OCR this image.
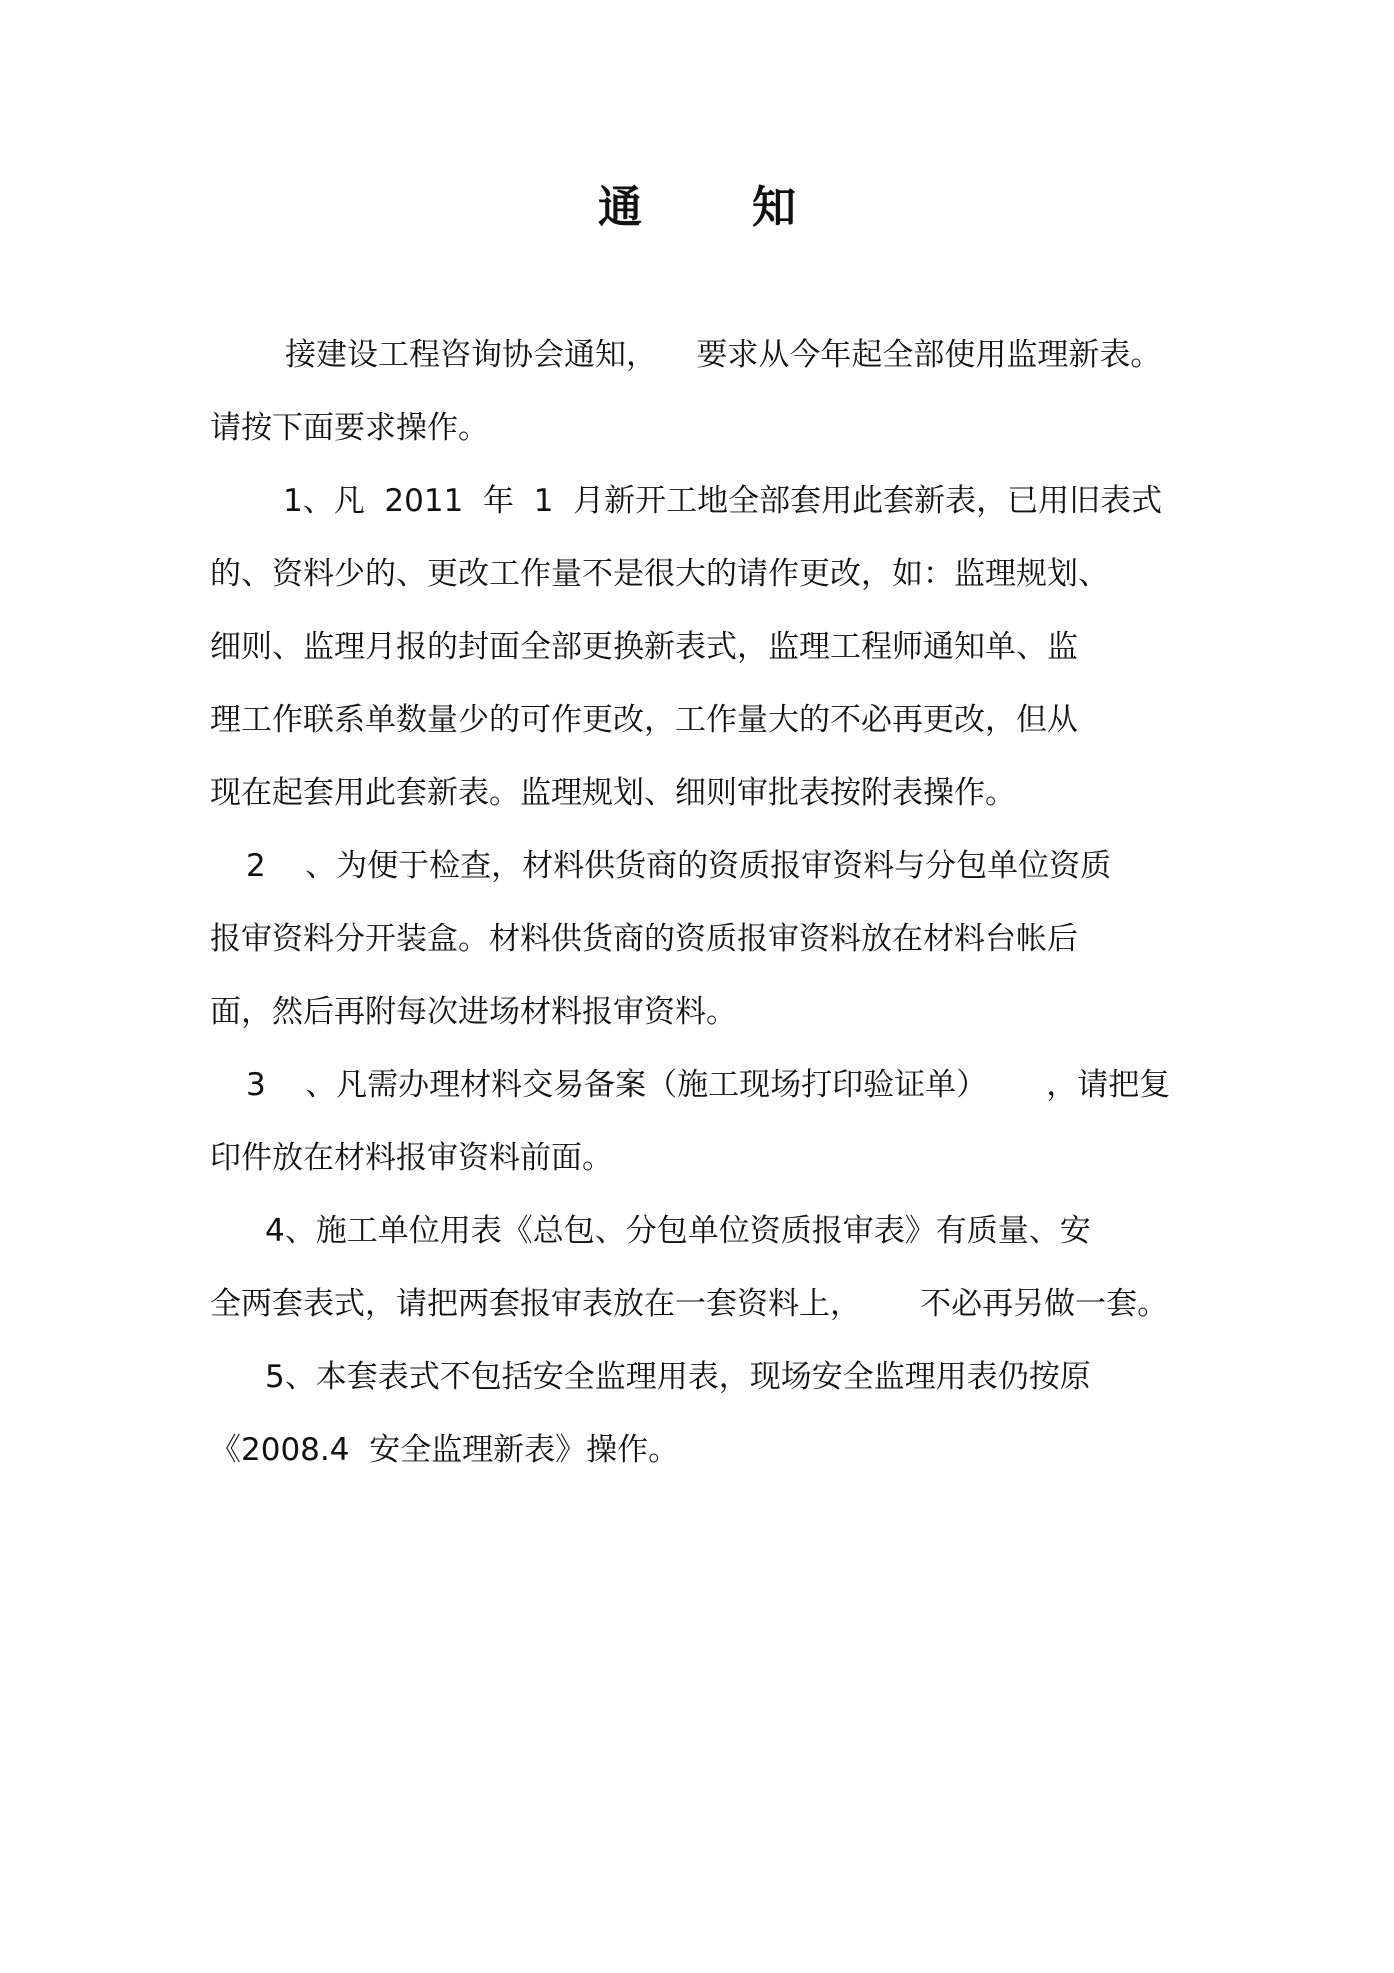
通	知
接建设工程咨询协会通知，    要求从今年起全部使用监理新表。
请按下面要求操作。
1、凡  2011  年  1  月新开工地全部套用此套新表，已用旧表式
的、资料少的、更改工作量不是很大的请作更改，如：监理规划、
细则、监理月报的封面全部更换新表式，监理工程师通知单、监
理工作联系单数量少的可作更改，工作量大的不必再更改，但从
现在起套用此套新表。监理规划、细则审批表按附表操作。
2    、为便于检查，材料供货商的资质报审资料与分包单位资质
报审资料分开装盒。材料供货商的资质报审资料放在材料台帐后
面，然后再附每次进场材料报审资料。
3    、凡需办理材料交易备案（施工现场打印验证单）      ，请把复
印件放在材料报审资料前面。
4、施工单位用表《总包、分包单位资质报审表》有质量、安
全两套表式，请把两套报审表放在一套资料上，      不必再另做一套。
5、本套表式不包括安全监理用表，现场安全监理用表仍按原
《2008.4  安全监理新表》操作。
